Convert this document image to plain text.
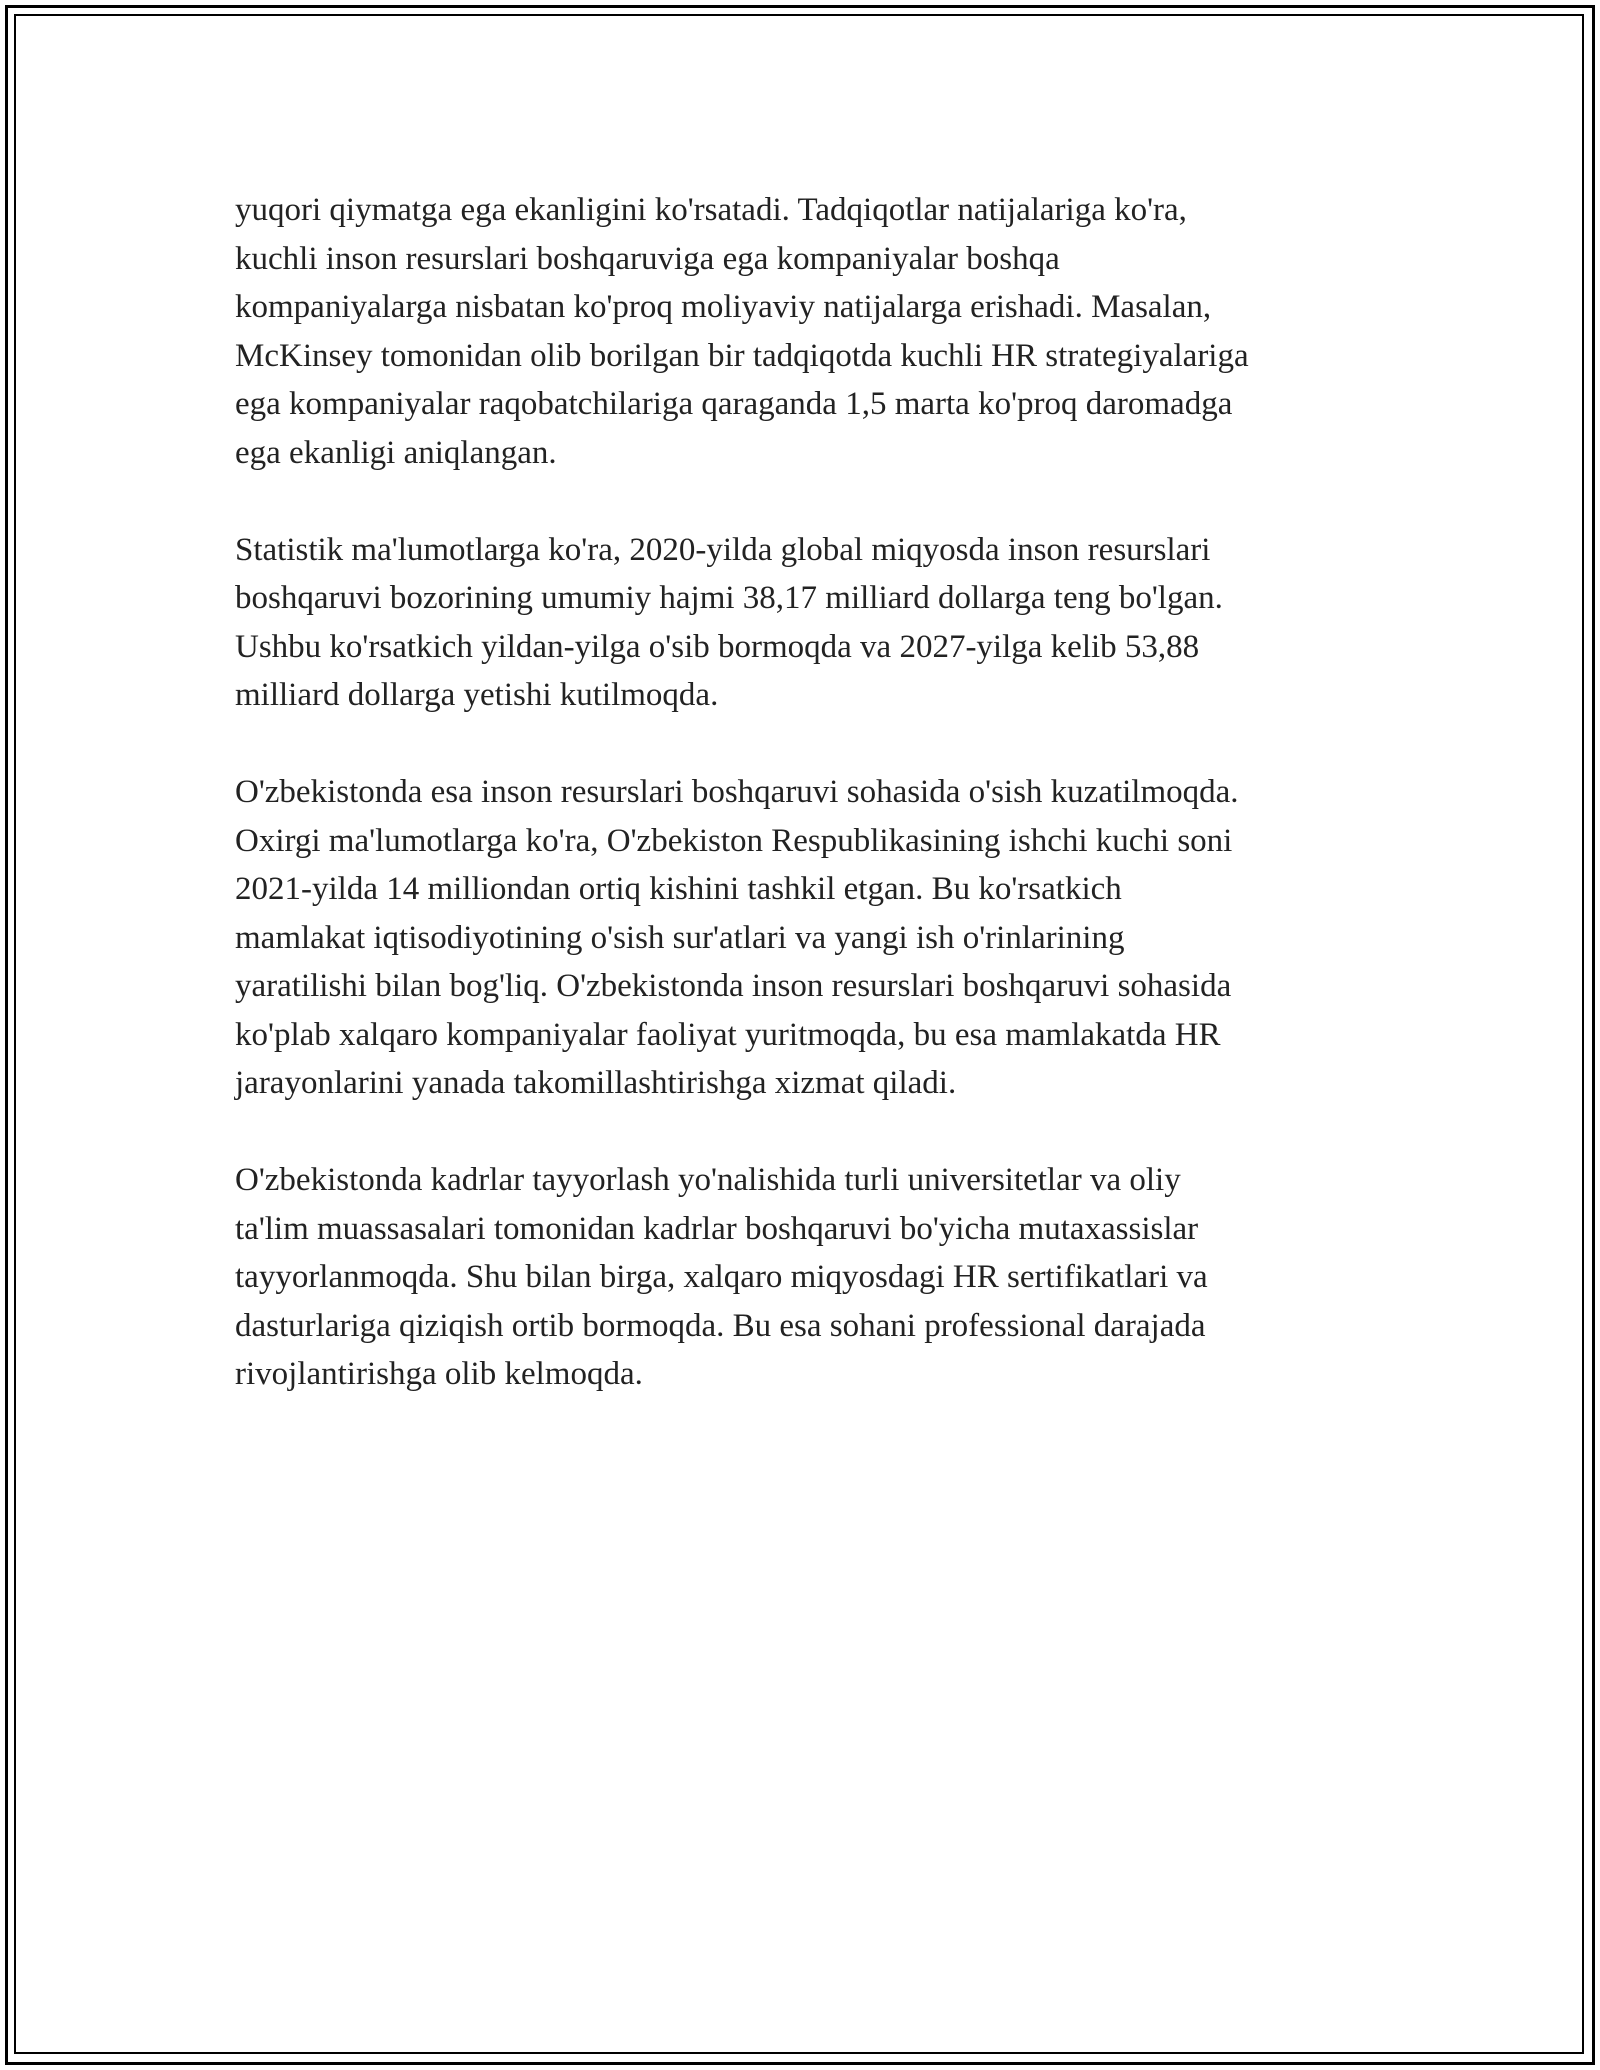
yuqori qiymatga ega ekanligini ko'rsatadi. Tadqiqotlar natijalariga ko'ra,
kuchli inson resurslari boshqaruviga ega kompaniyalar boshqa
kompaniyalarga nisbatan ko'proq moliyaviy natijalarga erishadi. Masalan,
McKinsey tomonidan olib borilgan bir tadqiqotda kuchli HR strategiyalariga
ega kompaniyalar raqobatchilariga qaraganda 1,5 marta ko'proq daromadga
ega ekanligi aniqlangan.

Statistik ma'lumotlarga ko'ra, 2020-yilda global miqyosda inson resurslari
boshqaruvi bozorining umumiy hajmi 38,17 milliard dollarga teng bo'lgan.
Ushbu ko'rsatkich yildan-yilga o'sib bormoqda va 2027-yilga kelib 53,88
milliard dollarga yetishi kutilmoqda.

O'zbekistonda esa inson resurslari boshqaruvi sohasida o'sish kuzatilmoqda.
Oxirgi ma'lumotlarga ko'ra, O'zbekiston Respublikasining ishchi kuchi soni
2021-yilda 14 milliondan ortiq kishini tashkil etgan. Bu ko'rsatkich
mamlakat iqtisodiyotining o'sish sur'atlari va yangi ish o'rinlarining
yaratilishi bilan bog'liq. O'zbekistonda inson resurslari boshqaruvi sohasida
ko'plab xalqaro kompaniyalar faoliyat yuritmoqda, bu esa mamlakatda HR
jarayonlarini yanada takomillashtirishga xizmat qiladi.

O'zbekistonda kadrlar tayyorlash yo'nalishida turli universitetlar va oliy
ta'lim muassasalari tomonidan kadrlar boshqaruvi bo'yicha mutaxassislar
tayyorlanmoqda. Shu bilan birga, xalqaro miqyosdagi HR sertifikatlari va
dasturlariga qiziqish ortib bormoqda. Bu esa sohani professional darajada
rivojlantirishga olib kelmoqda.
